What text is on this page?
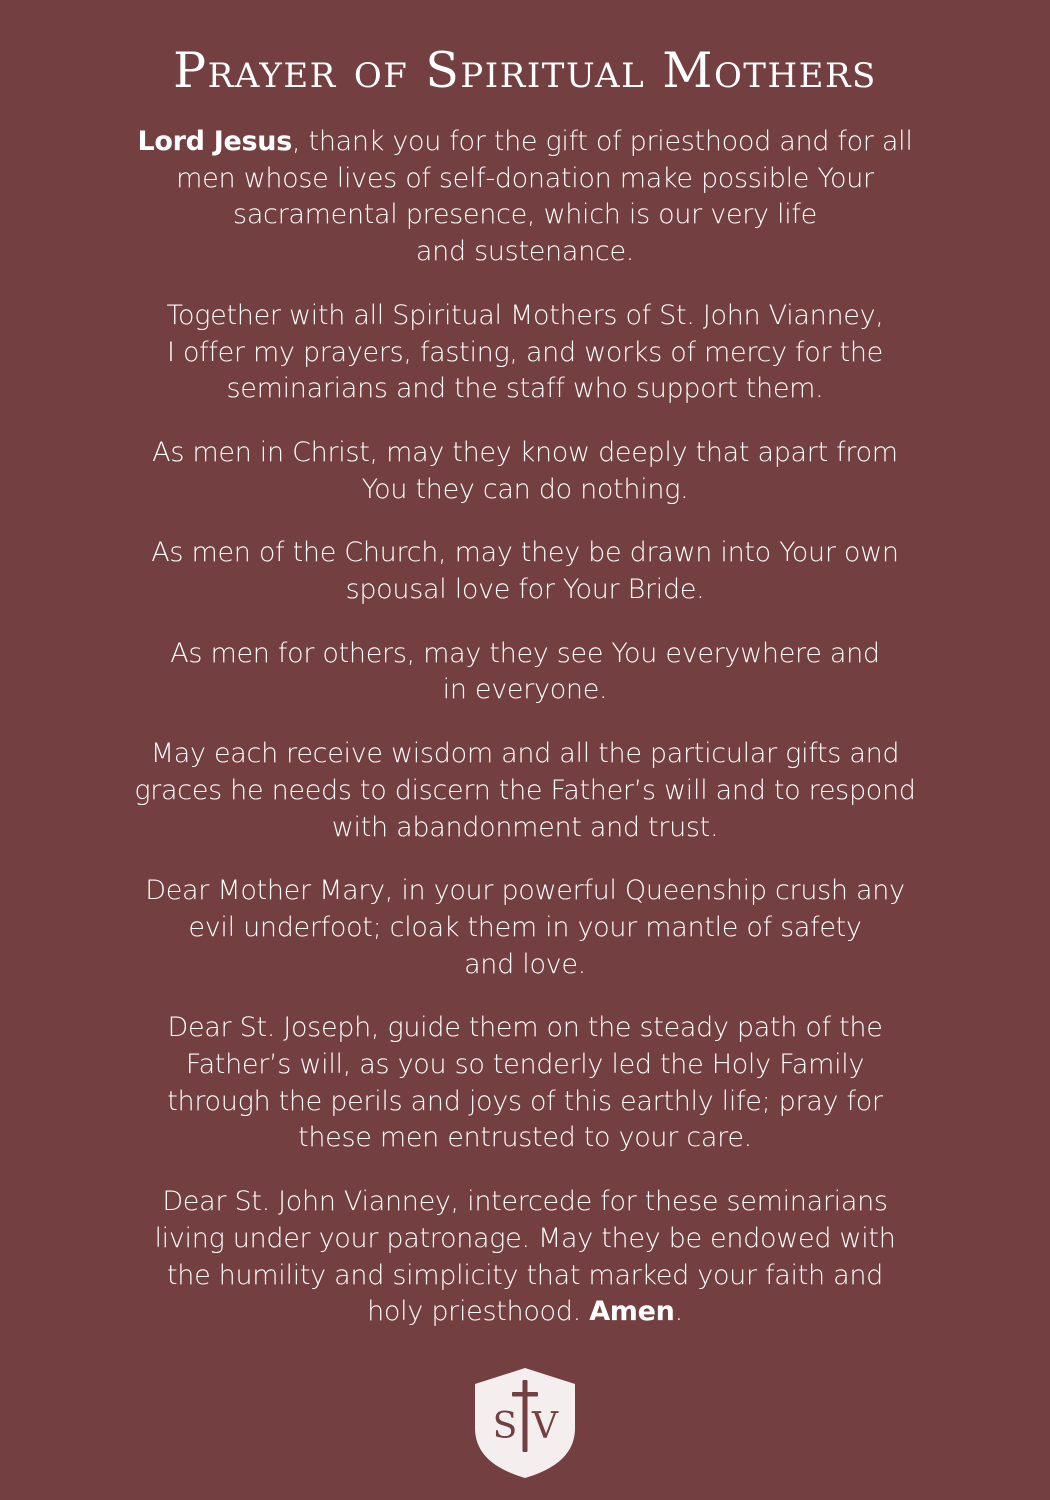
Prayer of Spiritual Mothers

Lord Jesus, thank you for the gift of priesthood and for all
men whose lives of self-donation make possible Your
sacramental presence, which is our very life
and sustenance.

Together with all Spiritual Mothers of St. John Vianney,
I offer my prayers, fasting, and works of mercy for the
seminarians and the staff who support them.

As men in Christ, may they know deeply that apart from
You they can do nothing.

As men of the Church, may they be drawn into Your own
spousal love for Your Bride.

As men for others, may they see You everywhere and
in everyone.

May each receive wisdom and all the particular gifts and
graces he needs to discern the Father’s will and to respond
with abandonment and trust.

Dear Mother Mary, in your powerful Queenship crush any
evil underfoot; cloak them in your mantle of safety
and love.

Dear St. Joseph, guide them on the steady path of the
Father’s will, as you so tenderly led the Holy Family
through the perils and joys of this earthly life; pray for
these men entrusted to your care.

Dear St. John Vianney, intercede for these seminarians
living under your patronage. May they be endowed with
the humility and simplicity that marked your faith and
holy priesthood. Amen.

S V
